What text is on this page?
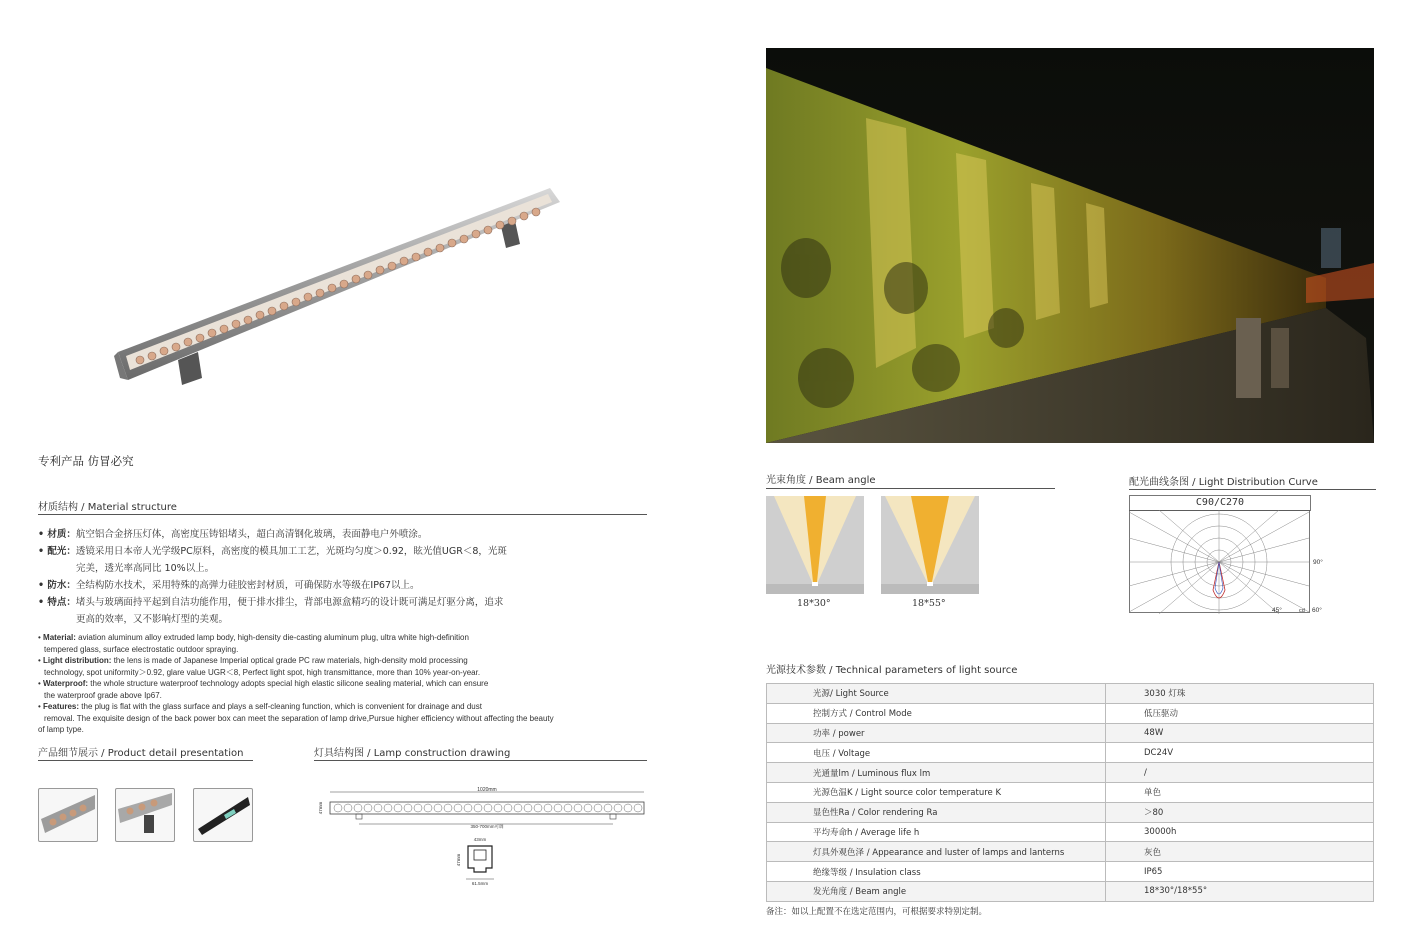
专利产品 仿冒必究
材质结构 / Material structure
• 材质：航空铝合金挤压灯体，高密度压铸铝堵头，超白高清钢化玻璃，表面静电户外喷涂。
• 配光：透镜采用日本帝人光学级PC原料，高密度的模具加工工艺，光斑均匀度＞0.92，眩光值UGR＜8，光斑
完美，透光率高同比 10%以上。
• 防水：全结构防水技术，采用特殊的高弹力硅胶密封材质，可确保防水等级在IP67以上。
• 特点：堵头与玻璃面持平起到自洁功能作用，便于排水排尘，背部电源盒精巧的设计既可满足灯驱分离，追求
更高的效率，又不影响灯型的美观。
• Material: aviation aluminum alloy extruded lamp body, high-density die-casting aluminum plug, ultra white high-definition
tempered glass, surface electrostatic outdoor spraying.
• Light distribution: the lens is made of Japanese Imperial optical grade PC raw materials, high-density mold processing
technology, spot uniformity＞0.92, glare value UGR＜8, Perfect light spot, high transmittance, more than 10% year-on-year.
• Waterproof: the whole structure waterproof technology adopts special high elastic silicone sealing material, which can ensure
the waterproof grade above Ip67.
• Features: the plug is flat with the glass surface and plays a self-cleaning function, which is convenient for drainage and dust
removal. The exquisite design of the back power box can meet the separation of lamp drive,Pursue higher efficiency without affecting the beauty of lamp type.
产品细节展示 / Product detail presentation	灯具结构图 / Lamp construction drawing
1020mm
47mm
350-700mm可调
43mm
47mm
61.5mm
光束角度 / Beam angle
18*30°	18*55°
配光曲线条图 / Light Distribution Curve
C90/C270
90°
45°	cd 60°
光源技术参数 / Technical parameters of light source
光源/ Light Source	3030 灯珠
控制方式 / Control Mode	低压驱动
功率 / power	48W
电压 / Voltage	DC24V
光通量lm / Luminous flux lm	/
光源色温K / Light source color temperature K	单色
显色性Ra / Color rendering Ra	＞80
平均寿命h / Average life h	30000h
灯具外观色泽 / Appearance and luster of lamps and lanterns	灰色
绝缘等级 / Insulation class	IP65
发光角度 / Beam angle	18*30°/18*55°
备注：如以上配置不在选定范围内，可根据要求特别定制。
